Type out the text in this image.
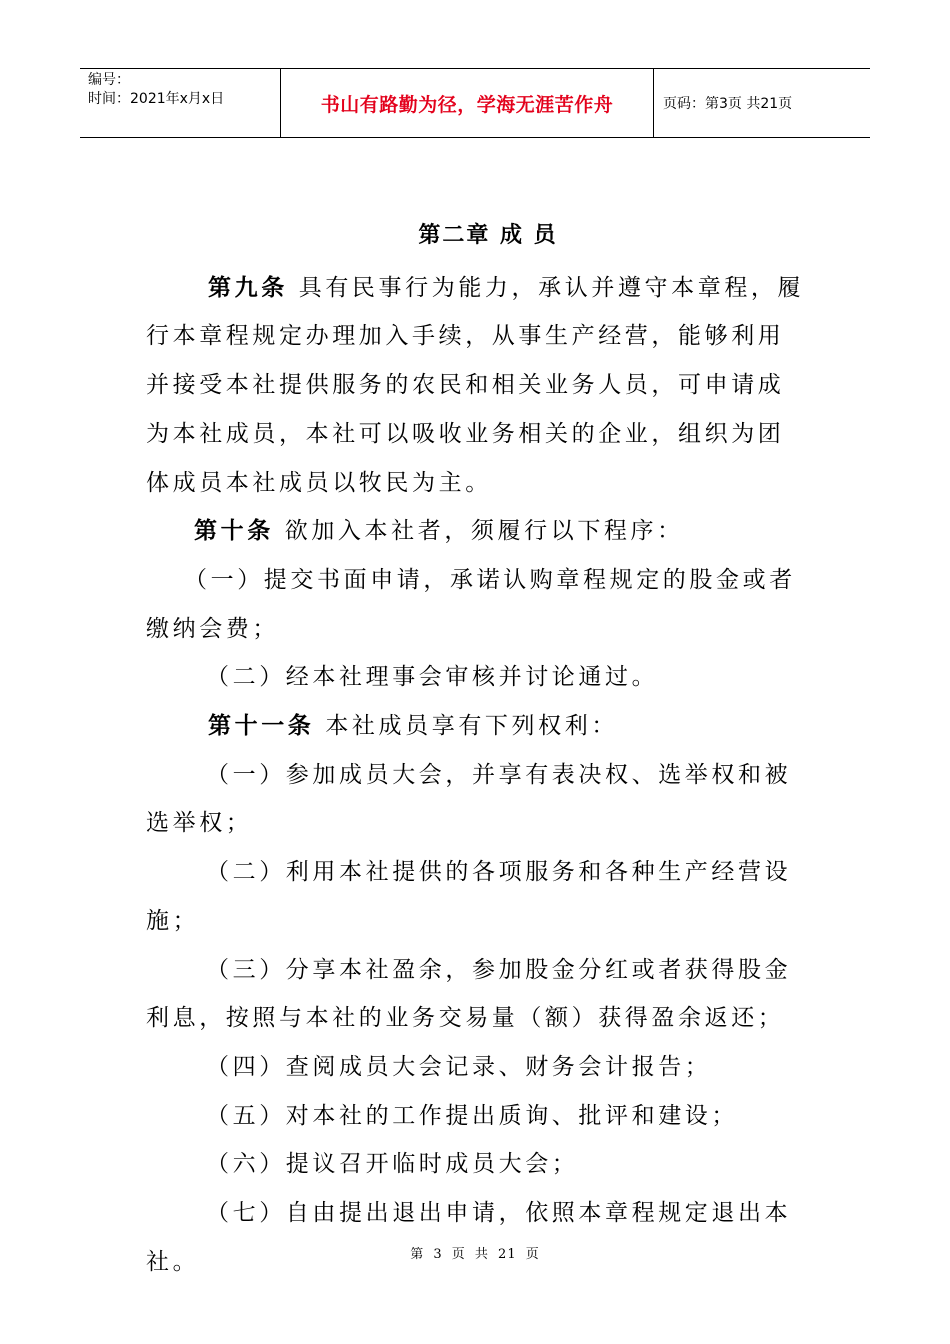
编号：
时间：2021年x月x日	书山有路勤为径，学海无涯苦作舟	页码：第3页 共21页

第二章 成 员

第九条 具有民事行为能力，承认并遵守本章程，履行本章程规定办理加入手续，从事生产经营，能够利用并接受本社提供服务的农民和相关业务人员，可申请成为本社成员，本社可以吸收业务相关的企业，组织为团体成员本社成员以牧民为主。

第十条 欲加入本社者，须履行以下程序：

（一）提交书面申请，承诺认购章程规定的股金或者缴纳会费；

（二）经本社理事会审核并讨论通过。

第十一条 本社成员享有下列权利：

（一）参加成员大会，并享有表决权、选举权和被选举权；

（二）利用本社提供的各项服务和各种生产经营设施；

（三）分享本社盈余，参加股金分红或者获得股金利息，按照与本社的业务交易量（额）获得盈余返还；

（四）查阅成员大会记录、财务会计报告；

（五）对本社的工作提出质询、批评和建设；

（六）提议召开临时成员大会；

（七）自由提出退出申请，依照本章程规定退出本社。	第 3 页 共 21 页
